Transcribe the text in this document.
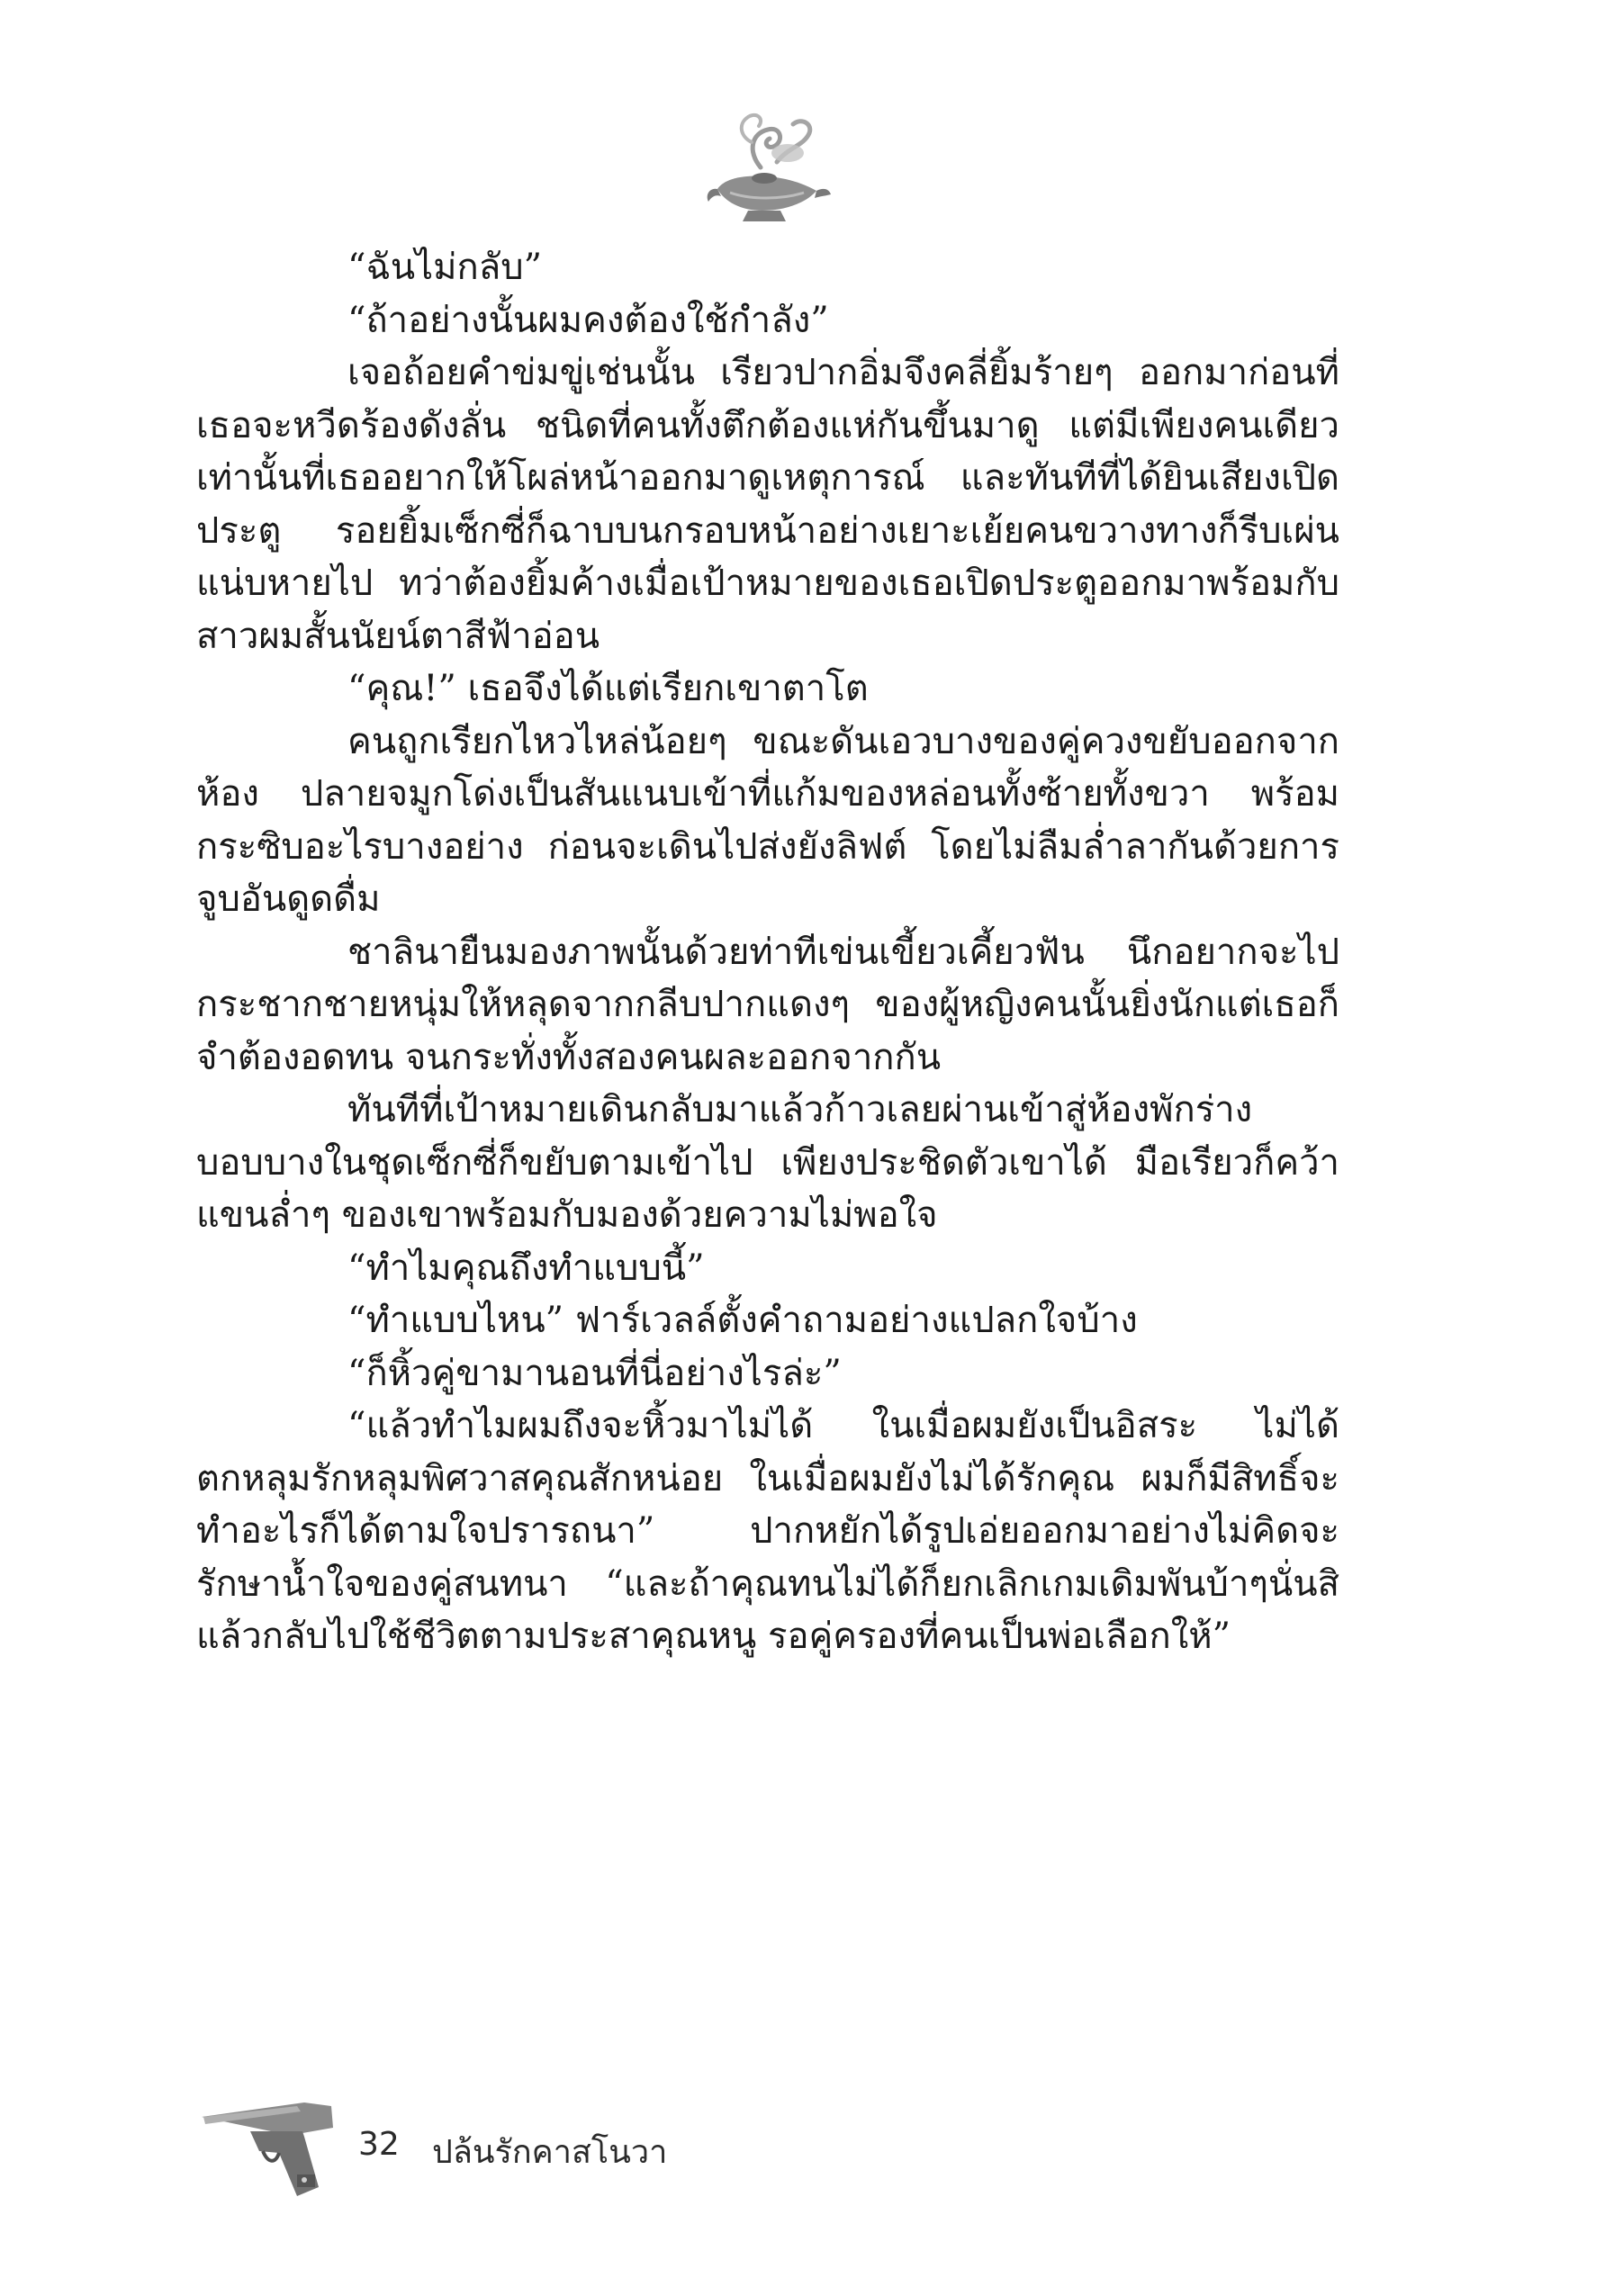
“ฉันไม่กลับ”

“ถ้าอย่างนั้นผมคงต้องใช้กำลัง”

เจอถ้อยคำข่มขู่เช่นนั้น เรียวปากอิ่มจึงคลี่ยิ้มร้ายๆ ออกมาก่อนที่เธอจะหวีดร้องดังลั่น ชนิดที่คนทั้งตึกต้องแห่กันขึ้นมาดู แต่มีเพียงคนเดียวเท่านั้นที่เธออยากให้โผล่หน้าออกมาดูเหตุการณ์ และทันทีที่ได้ยินเสียงเปิดประตู รอยยิ้มเซ็กซี่ก็ฉาบบนกรอบหน้าอย่างเยาะเย้ยคนขวางทางก็รีบเผ่นแน่บหายไป ทว่าต้องยิ้มค้างเมื่อเป้าหมายของเธอเปิดประตูออกมาพร้อมกับสาวผมสั้นนัยน์ตาสีฟ้าอ่อน

“คุณ!” เธอจึงได้แต่เรียกเขาตาโต

คนถูกเรียกไหวไหล่น้อยๆ ขณะดันเอวบางของคู่ควงขยับออกจากห้อง ปลายจมูกโด่งเป็นสันแนบเข้าที่แก้มของหล่อนทั้งซ้ายทั้งขวา พร้อมกระซิบอะไรบางอย่าง ก่อนจะเดินไปส่งยังลิฟต์ โดยไม่ลืมล่ำลากันด้วยการจูบอันดูดดื่ม

ชาลินายืนมองภาพนั้นด้วยท่าทีเข่นเขี้ยวเคี้ยวฟัน นึกอยากจะไปกระชากชายหนุ่มให้หลุดจากกลีบปากแดงๆ ของผู้หญิงคนนั้นยิ่งนักแต่เธอก็จำต้องอดทน จนกระทั่งทั้งสองคนผละออกจากกัน

ทันทีที่เป้าหมายเดินกลับมาแล้วก้าวเลยผ่านเข้าสู่ห้องพักร่างบอบบางในชุดเซ็กซี่ก็ขยับตามเข้าไป เพียงประชิดตัวเขาได้ มือเรียวก็คว้าแขนล่ำๆ ของเขาพร้อมกับมองด้วยความไม่พอใจ

“ทำไมคุณถึงทำแบบนี้”

“ทำแบบไหน” ฟาร์เวลล์ตั้งคำถามอย่างแปลกใจบ้าง

“ก็หิ้วคู่ขามานอนที่นี่อย่างไรล่ะ”

“แล้วทำไมผมถึงจะหิ้วมาไม่ได้ ในเมื่อผมยังเป็นอิสระ ไม่ได้ตกหลุมรักหลุมพิศวาสคุณสักหน่อย ในเมื่อผมยังไม่ได้รักคุณ ผมก็มีสิทธิ์จะทำอะไรก็ได้ตามใจปรารถนา” ปากหยักได้รูปเอ่ยออกมาอย่างไม่คิดจะรักษาน้ำใจของคู่สนทนา “และถ้าคุณทนไม่ได้ก็ยกเลิกเกมเดิมพันบ้าๆนั่นสิ แล้วกลับไปใช้ชีวิตตามประสาคุณหนู รอคู่ครองที่คนเป็นพ่อเลือกให้”

32 ปล้นรักคาสโนวา
